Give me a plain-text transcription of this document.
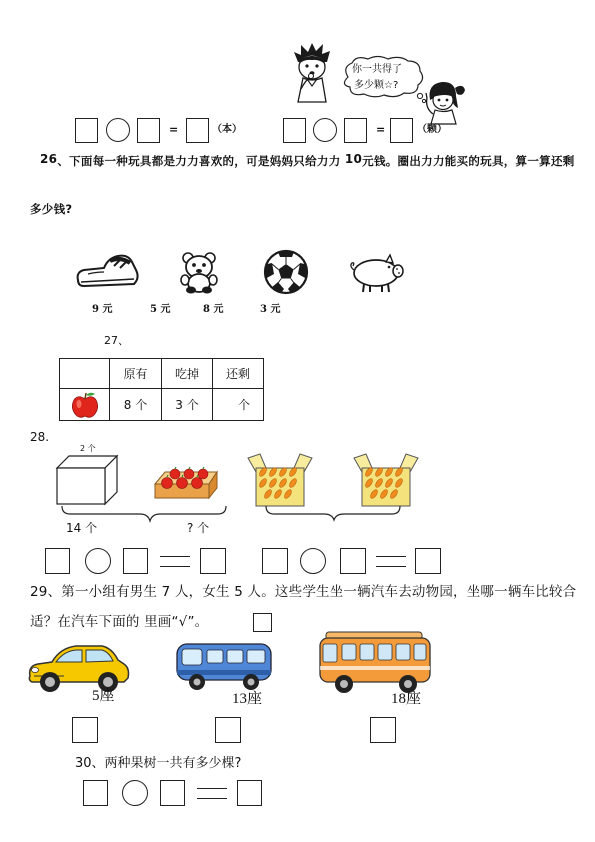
你一共得了
多少颗☆?
=	（本）	=	（颗）
26、下面每一种玩具都是力力喜欢的，可是妈妈只给力力 10元钱。圈出力力能买的玩具，算一算还剩
多少钱?
9 元	5 元	8 元	3 元
27、
	原有	吃掉	还剩

	8 个	3 个	个
28.
2 个
14 个	? 个
29、第一小组有男生 7 人，女生 5 人。这些学生坐一辆汽车去动物园，坐哪一辆车比较合
适？在汽车下面的 里画“√”。
5座	13座	18座
30、两种果树一共有多少棵?
